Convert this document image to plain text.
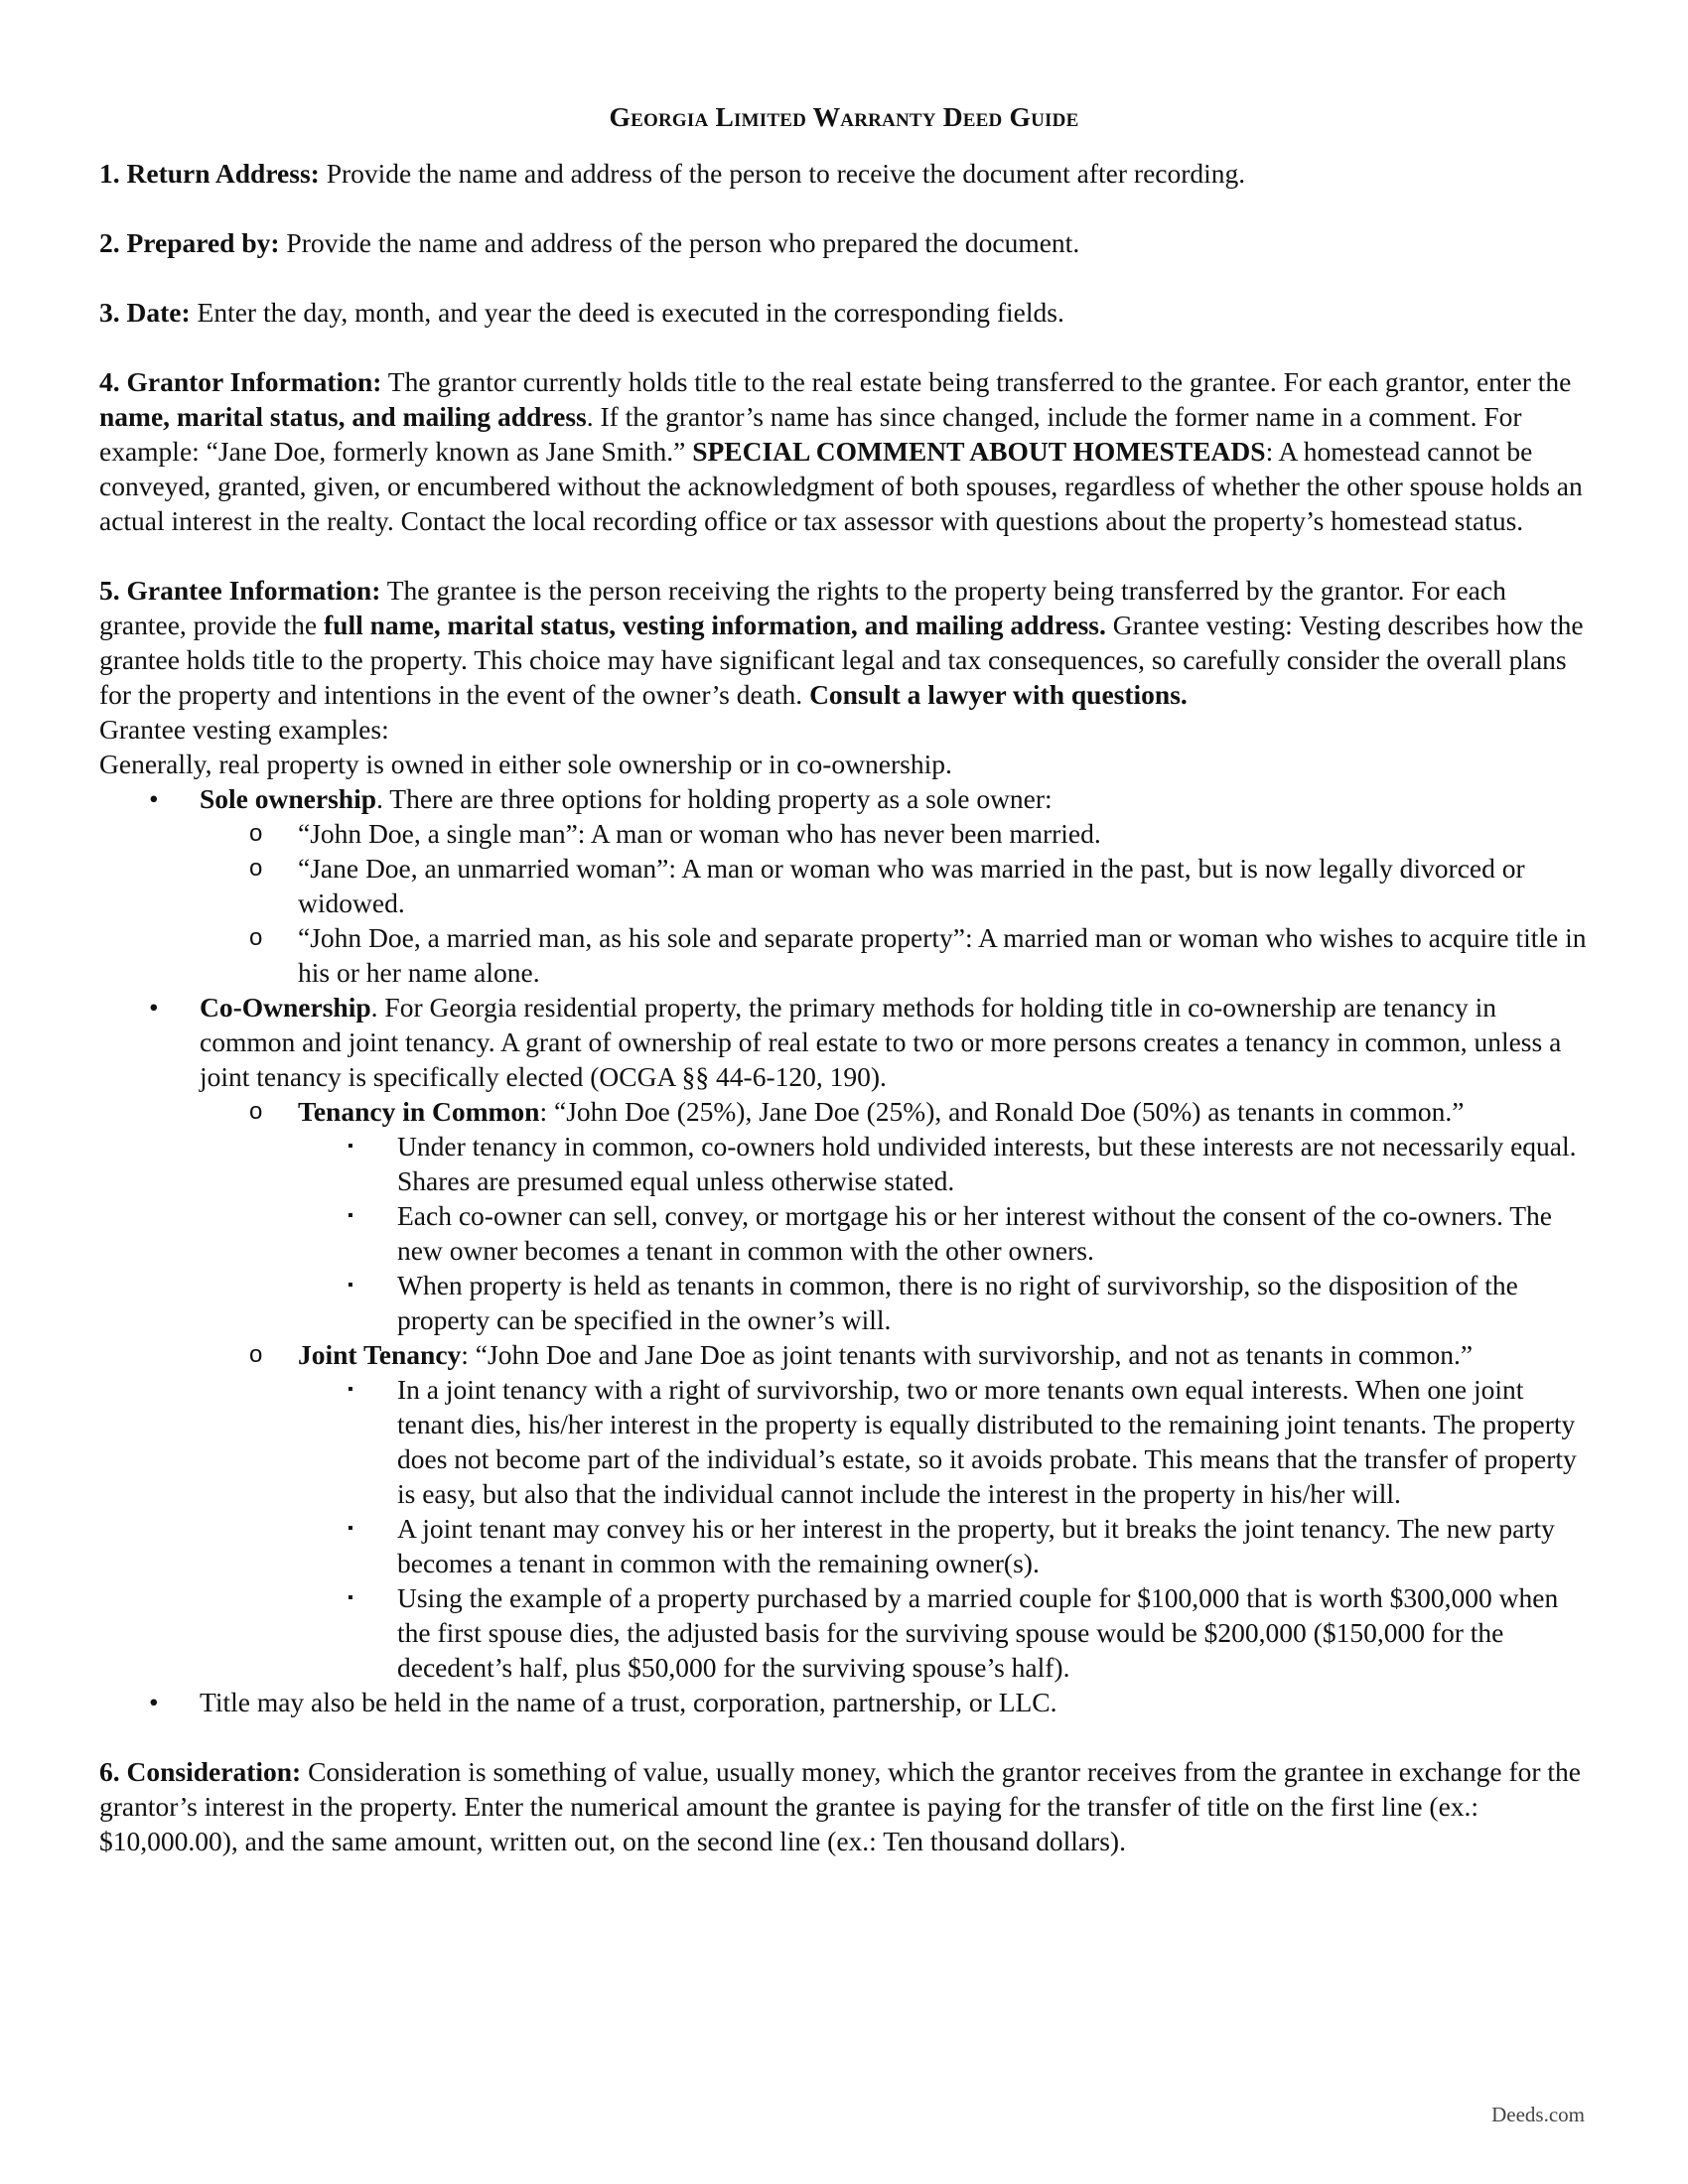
Georgia Limited Warranty Deed Guide

1. Return Address: Provide the name and address of the person to receive the document after recording.

2. Prepared by: Provide the name and address of the person who prepared the document.

3. Date: Enter the day, month, and year the deed is executed in the corresponding fields.

4. Grantor Information: The grantor currently holds title to the real estate being transferred to the grantee. For each grantor, enter the name, marital status, and mailing address. If the grantor’s name has since changed, include the former name in a comment. For example: “Jane Doe, formerly known as Jane Smith.” SPECIAL COMMENT ABOUT HOMESTEADS: A homestead cannot be conveyed, granted, given, or encumbered without the acknowledgment of both spouses, regardless of whether the other spouse holds an actual interest in the realty. Contact the local recording office or tax assessor with questions about the property’s homestead status.

5. Grantee Information: The grantee is the person receiving the rights to the property being transferred by the grantor. For each grantee, provide the full name, marital status, vesting information, and mailing address. Grantee vesting: Vesting describes how the grantee holds title to the property. This choice may have significant legal and tax consequences, so carefully consider the overall plans for the property and intentions in the event of the owner’s death. Consult a lawyer with questions.

Grantee vesting examples:

Generally, real property is owned in either sole ownership or in co-ownership.

• Sole ownership. There are three options for holding property as a sole owner:
o “John Doe, a single man”: A man or woman who has never been married.
o “Jane Doe, an unmarried woman”: A man or woman who was married in the past, but is now legally divorced or widowed.
o “John Doe, a married man, as his sole and separate property”: A married man or woman who wishes to acquire title in his or her name alone.
• Co-Ownership. For Georgia residential property, the primary methods for holding title in co-ownership are tenancy in common and joint tenancy. A grant of ownership of real estate to two or more persons creates a tenancy in common, unless a joint tenancy is specifically elected (OCGA §§ 44-6-120, 190).
o Tenancy in Common: “John Doe (25%), Jane Doe (25%), and Ronald Doe (50%) as tenants in common.”
▪ Under tenancy in common, co-owners hold undivided interests, but these interests are not necessarily equal. Shares are presumed equal unless otherwise stated.
▪ Each co-owner can sell, convey, or mortgage his or her interest without the consent of the co-owners. The new owner becomes a tenant in common with the other owners.
▪ When property is held as tenants in common, there is no right of survivorship, so the disposition of the property can be specified in the owner’s will.
o Joint Tenancy: “John Doe and Jane Doe as joint tenants with survivorship, and not as tenants in common.”
▪ In a joint tenancy with a right of survivorship, two or more tenants own equal interests. When one joint tenant dies, his/her interest in the property is equally distributed to the remaining joint tenants. The property does not become part of the individual’s estate, so it avoids probate. This means that the transfer of property is easy, but also that the individual cannot include the interest in the property in his/her will.
▪ A joint tenant may convey his or her interest in the property, but it breaks the joint tenancy. The new party becomes a tenant in common with the remaining owner(s).
▪ Using the example of a property purchased by a married couple for $100,000 that is worth $300,000 when the first spouse dies, the adjusted basis for the surviving spouse would be $200,000 ($150,000 for the decedent’s half, plus $50,000 for the surviving spouse’s half).
• Title may also be held in the name of a trust, corporation, partnership, or LLC.

6. Consideration: Consideration is something of value, usually money, which the grantor receives from the grantee in exchange for the grantor’s interest in the property. Enter the numerical amount the grantee is paying for the transfer of title on the first line (ex.: $10,000.00), and the same amount, written out, on the second line (ex.: Ten thousand dollars).

Deeds.com
